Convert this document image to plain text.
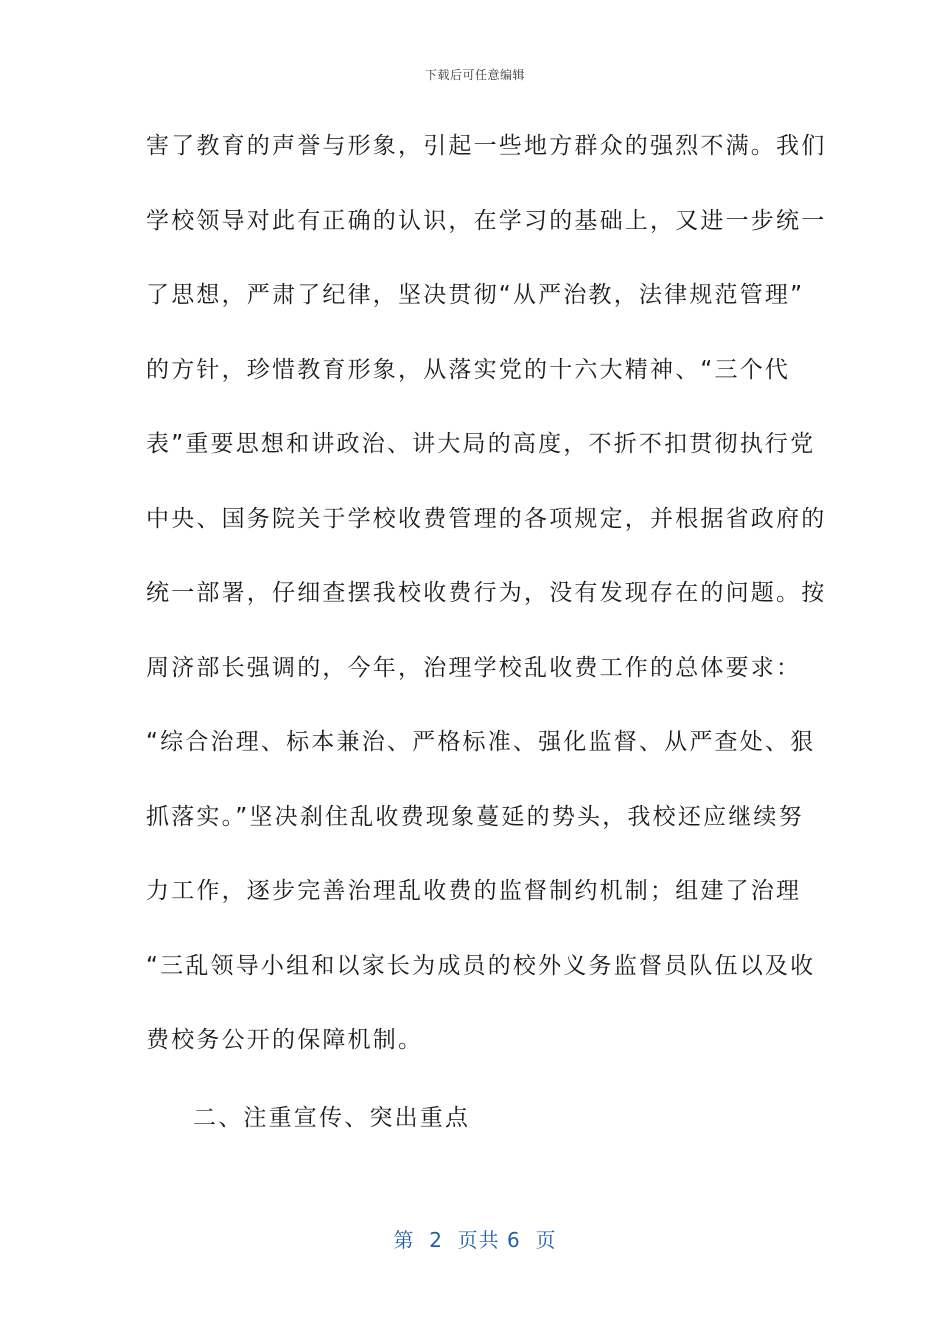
下载后可任意编辑
害了教育的声誉与形象，引起一些地方群众的强烈不满。我们
学校领导对此有正确的认识，在学习的基础上，又进一步统一
了思想，严肃了纪律，坚决贯彻“从严治教，法律规范管理”
的方针，珍惜教育形象，从落实党的十六大精神、“三个代
表”重要思想和讲政治、讲大局的高度，不折不扣贯彻执行党
中央、国务院关于学校收费管理的各项规定，并根据省政府的
统一部署，仔细查摆我校收费行为，没有发现存在的问题。按
周济部长强调的，今年，治理学校乱收费工作的总体要求：
“综合治理、标本兼治、严格标准、强化监督、从严查处、狠
抓落实。”坚决刹住乱收费现象蔓延的势头，我校还应继续努
力工作，逐步完善治理乱收费的监督制约机制；组建了治理
“三乱领导小组和以家长为成员的校外义务监督员队伍以及收
费校务公开的保障机制。
二、注重宣传、突出重点
第  2  页共 6  页
